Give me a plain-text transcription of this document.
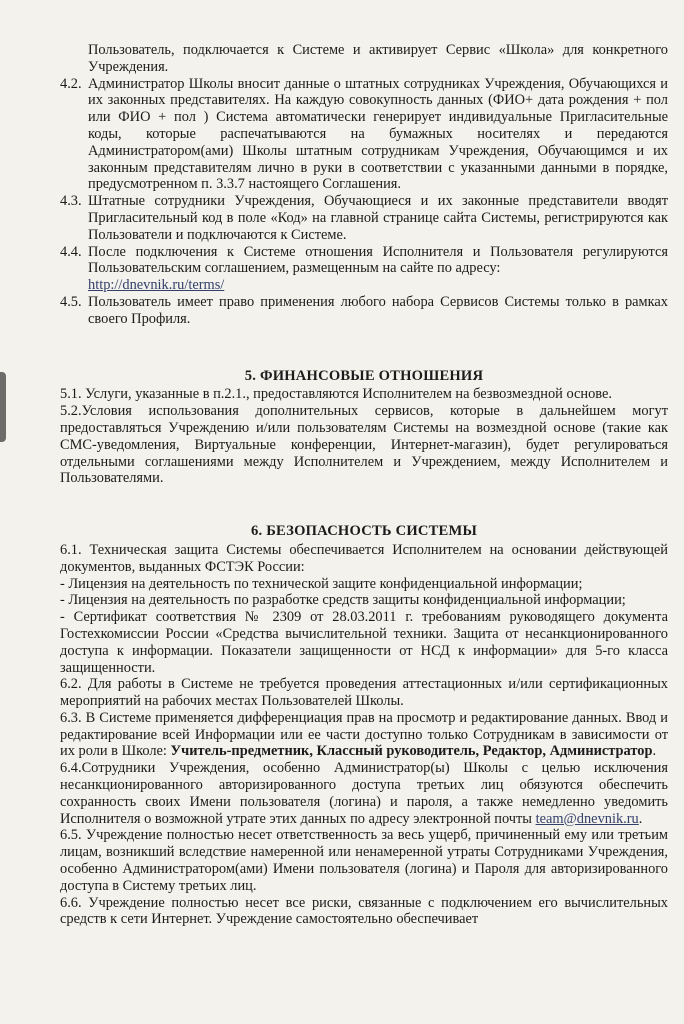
Пользователь, подключается к Системе и активирует Сервис «Школа» для конкретного Учреждения.

4.2. Администратор Школы вносит данные о штатных сотрудниках Учреждения, Обучающихся и их законных представителях. На каждую совокупность данных (ФИО+ дата рождения + пол или ФИО + пол ) Система автоматически генерирует индивидуальные Пригласительные коды, которые распечатываются на бумажных носителях и передаются Администратором(ами) Школы штатным сотрудникам Учреждения, Обучающимся и их законным представителям лично в руки в соответствии с указанными данными в порядке, предусмотренном п. 3.3.7 настоящего Соглашения.
4.3. Штатные сотрудники Учреждения, Обучающиеся и их законные представители вводят Пригласительный код в поле «Код» на главной странице сайта Системы, регистрируются как Пользователи и подключаются к Системе.
4.4. После подключения к Системе отношения Исполнителя и Пользователя регулируются Пользовательским соглашением, размещенным на сайте по адресу:
http://dnevnik.ru/terms/
4.5. Пользователь имеет право применения любого набора Сервисов Системы только в рамках своего Профиля.
5. ФИНАНСОВЫЕ ОТНОШЕНИЯ

5.1. Услуги, указанные в п.2.1., предоставляются Исполнителем на безвозмездной основе.

5.2.Условия использования дополнительных сервисов, которые в дальнейшем могут предоставляться Учреждению и/или пользователям Системы на возмездной основе (такие как СМС-уведомления, Виртуальные конференции, Интернет-магазин), будет регулироваться отдельными соглашениями между Исполнителем и Учреждением, между Исполнителем и Пользователями.

6. БЕЗОПАСНОСТЬ СИСТЕМЫ

6.1. Техническая защита Системы обеспечивается Исполнителем на основании действующей документов, выданных ФСТЭК России:

- Лицензия на деятельность по технической защите конфиденциальной информации;

- Лицензия на деятельность по разработке средств защиты конфиденциальной информации;

- Сертификат соответствия № 2309 от 28.03.2011 г. требованиям руководящего документа Гостехкомиссии России «Средства вычислительной техники. Защита от несанкционированного доступа к информации. Показатели защищенности от НСД к информации» для 5-го класса защищенности.

6.2. Для работы в Системе не требуется проведения аттестационных и/или сертификационных мероприятий на рабочих местах Пользователей Школы.

6.3. В Системе применяется дифференциация прав на просмотр и редактирование данных. Ввод и редактирование всей Информации или ее части доступно только Сотрудникам в зависимости от их роли в Школе: Учитель-предметник, Классный руководитель, Редактор, Администратор.

6.4.Сотрудники Учреждения, особенно Администратор(ы) Школы с целью исключения несанкционированного авторизированного доступа третьих лиц обязуются обеспечить сохранность своих Имени пользователя (логина) и пароля, а также немедленно уведомить Исполнителя о возможной утрате этих данных по адресу электронной почты team@dnevnik.ru.

6.5. Учреждение полностью несет ответственность за весь ущерб, причиненный ему или третьим лицам, возникший вследствие намеренной или ненамеренной утраты Сотрудниками Учреждения, особенно Администратором(ами) Имени пользователя (логина) и Пароля для авторизированного доступа в Систему третьих лиц.

6.6. Учреждение полностью несет все риски, связанные с подключением его вычислительных средств к сети Интернет. Учреждение самостоятельно обеспечивает
